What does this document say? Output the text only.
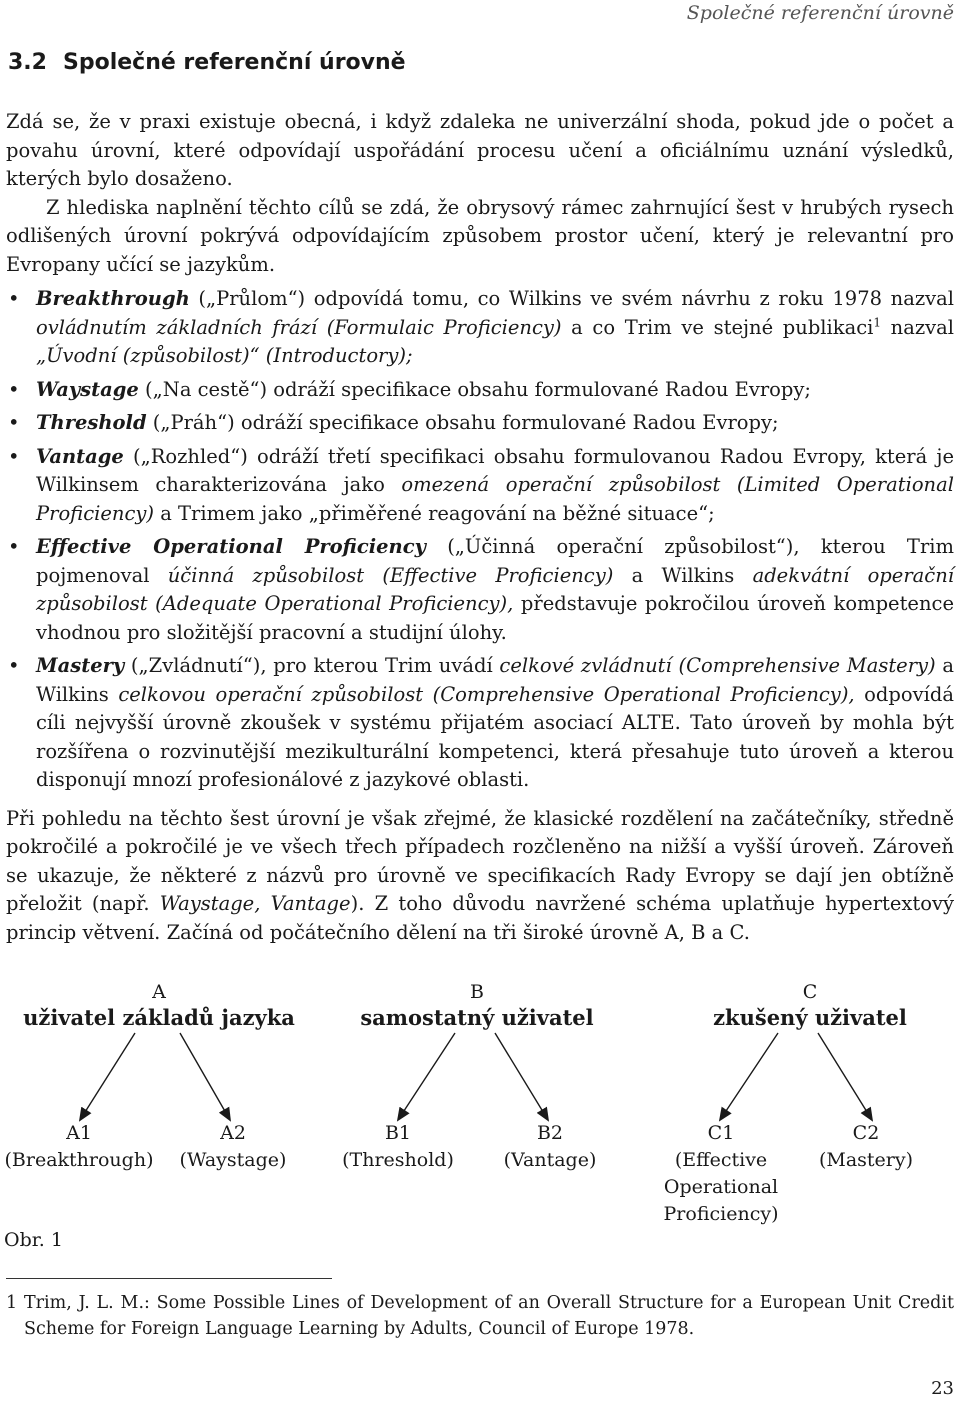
Společné referenční úrovně
3.2 Společné referenční úrovně

Zdá se, že v praxi existuje obecná, i když zdaleka ne univerzální shoda, pokud jde o počet a povahu úrovní, které odpovídají uspořádání procesu učení a oficiálnímu uznání výsledků, kterých bylo dosaženo.

Z hlediska naplnění těchto cílů se zdá, že obrysový rámec zahrnující šest v hrubých rysech odlišených úrovní pokrývá odpovídajícím způsobem prostor učení, který je relevantní pro Evropany učící se jazykům.

• Breakthrough („Průlom“) odpovídá tomu, co Wilkins ve svém návrhu z roku 1978 nazval ovládnutím základních frází (Formulaic Proficiency) a co Trim ve stejné publikaci$^1$ nazval „Úvodní (způsobilost)“ (Introductory);
• Waystage („Na cestě“) odráží specifikace obsahu formulované Radou Evropy;
• Threshold („Práh“) odráží specifikace obsahu formulované Radou Evropy;
• Vantage („Rozhled“) odráží třetí specifikaci obsahu formulovanou Radou Evropy, která je Wilkinsem charakterizována jako omezená operační způsobilost (Limited Operational Proficiency) a Trimem jako „přiměřené reagování na běžné situace“;
• Effective Operational Proficiency („Účinná operační způsobilost“), kterou Trim pojmenoval účinná způsobilost (Effective Proficiency) a Wilkins adekvátní operační způsobilost (Adequate Operational Proficiency), představuje pokročilou úroveň kompetence vhodnou pro složitější pracovní a studijní úlohy.
• Mastery („Zvládnutí“), pro kterou Trim uvádí celkové zvládnutí (Comprehensive Mastery) a Wilkins celkovou operační způsobilost (Comprehensive Operational Proficiency), odpovídá cíli nejvyšší úrovně zkoušek v systému přijatém asociací ALTE. Tato úroveň by mohla být rozšířena o rozvinutější mezikulturální kompetenci, která přesahuje tuto úroveň a kterou disponují mnozí profesionálové z jazykové oblasti.

Při pohledu na těchto šest úrovní je však zřejmé, že klasické rozdělení na začátečníky, středně pokročilé a pokročilé je ve všech třech případech rozčleněno na nižší a vyšší úroveň. Zároveň se ukazuje, že některé z názvů pro úrovně ve specifikacích Rady Evropy se dají jen obtížně přeložit (např. Waystage, Vantage). Z toho důvodu navržené schéma uplatňuje hypertextový princip větvení. Začíná od počátečního dělení na tři široké úrovně A, B a C.

A
uživatel základů jazyka
B
samostatný uživatel
C
zkušený uživatel
A1
(Breakthrough)
A2
(Waystage)
B1
(Threshold)
B2
(Vantage)
C1
(Effective
Operational
Proficiency)
C2
(Mastery)
Obr. 1
1 Trim, J. L. M.: Some Possible Lines of Development of an Overall Structure for a European Unit Credit Scheme for Foreign Language Learning by Adults, Council of Europe 1978.
23
